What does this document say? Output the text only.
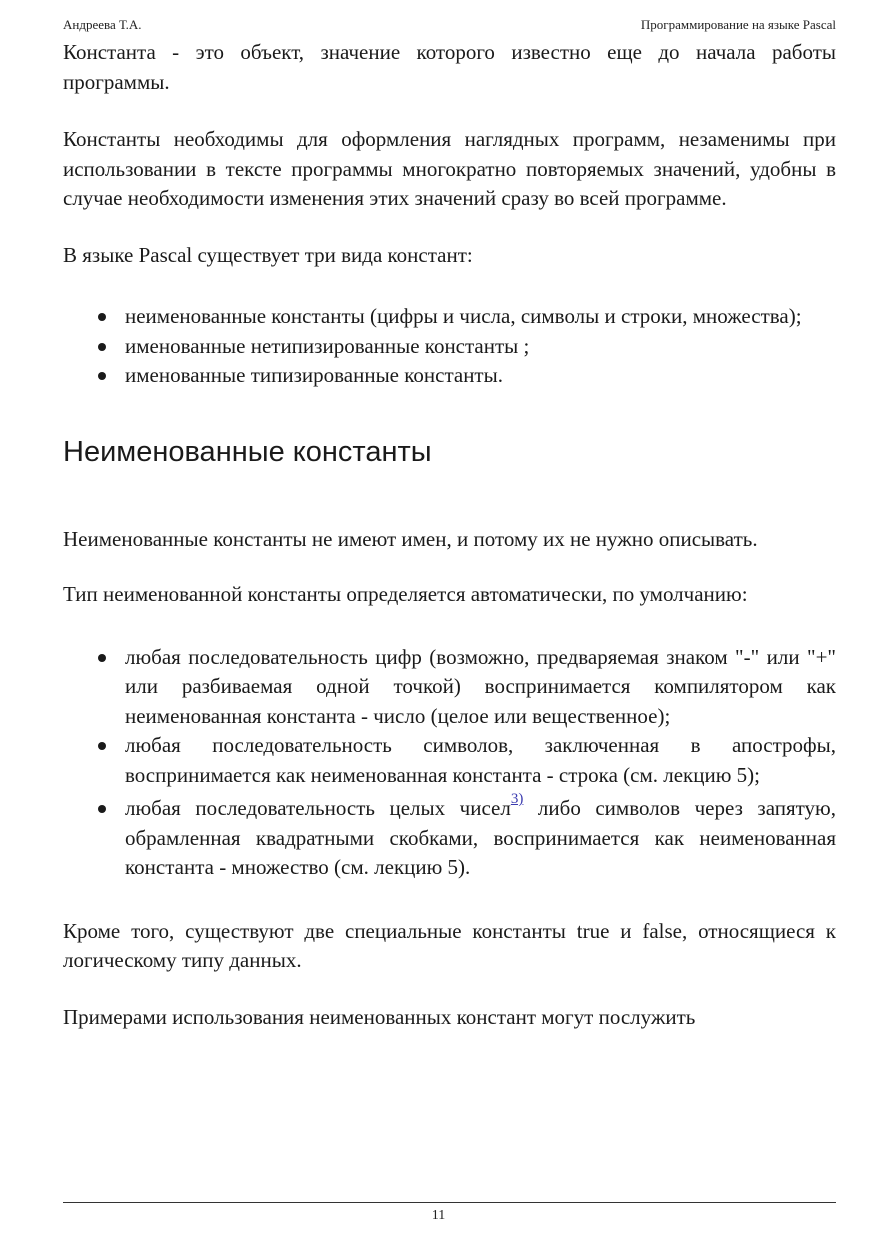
Андреева Т.А.	Программирование на языке Pascal

Константа - это объект, значение которого известно еще до начала работы программы.

Константы необходимы для оформления наглядных программ, незаменимы при использовании в тексте программы многократно повторяемых значений, удобны в случае необходимости изменения этих значений сразу во всей программе.

В языке Pascal существует три вида констант:

неименованные константы (цифры и числа, символы и строки, множества);
именованные нетипизированные константы ;
именованные типизированные константы.
Неименованные константы

Неименованные константы не имеют имен, и потому их не нужно описывать.

Тип неименованной константы определяется автоматически, по умолчанию:

любая последовательность цифр (возможно, предваряемая знаком "-" или "+" или разбиваемая одной точкой) воспринимается компилятором как неименованная константа - число (целое или вещественное);
любая последовательность символов, заключенная в апострофы, воспринимается как неименованная константа - строка (см. лекцию 5);
любая последовательность целых чисел$^{3)}$ либо символов через запятую, обрамленная квадратными скобками, воспринимается как неименованная константа - множество (см. лекцию 5).

Кроме того, существуют две специальные константы true и false, относящиеся к логическому типу данных.

Примерами использования неименованных констант могут послужить

11
